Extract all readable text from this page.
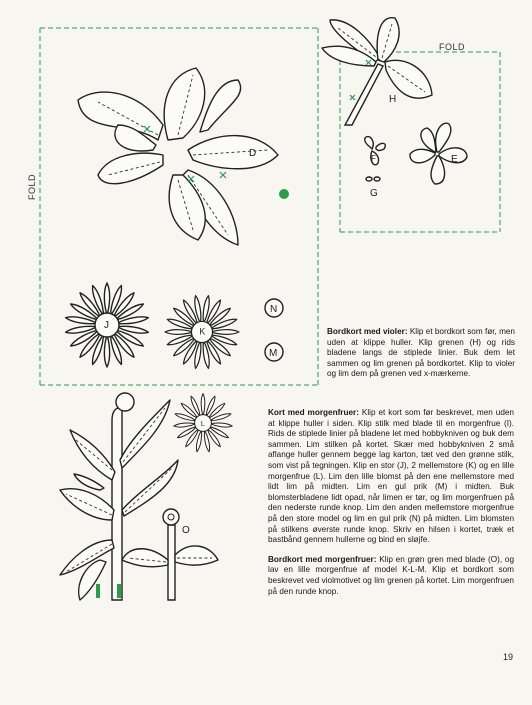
FOLD
FOLD
D
H
E
F
G
J
K
N
M
L
O

Bordkort med violer: Klip et bordkort som før, men uden at klippe huller. Klip grenen (H) og rids bladene langs de stiplede linier. Buk dem let sammen og lim grenen på bordkortet. Klip to violer og lim dem på grenen ved x-mærkerne.

Kort med morgenfruer: Klip et kort som før beskrevet, men uden at klippe huller i siden. Klip stilk med blade til en morgenfrue (I). Rids de stiplede linier på bladene let med hobbykniven og buk dem sammen. Lim stilken på kortet. Skær med hobbykniven 2 små aflange huller gennem begge lag karton, tæt ved den grønne stilk, som vist på tegningen. Klip en stor (J), 2 mellemstore (K) og en lille morgenfrue (L). Lim den lille blomst på den ene mellemstore med lidt lim på midten. Lim en gul prik (M) i midten. Buk blomsterbladene lidt opad, når limen er tør, og lim morgenfruen på den nederste runde knop. Lim den anden mellemstore morgenfrue på den store model og lim en gul prik (N) på midten. Lim blomsten på stilkens øverste runde knop. Skriv en hilsen i kortet, træk et bastbånd gennem hullerne og bind en sløjfe.

Bordkort med morgenfruer: Klip en grøn gren med blade (O), og lav en lille morgenfrue af model K-L-M. Klip et bordkort som beskrevet ved violmotivet og lim grenen på kortet. Lim morgenfruen på den runde knop.

19
